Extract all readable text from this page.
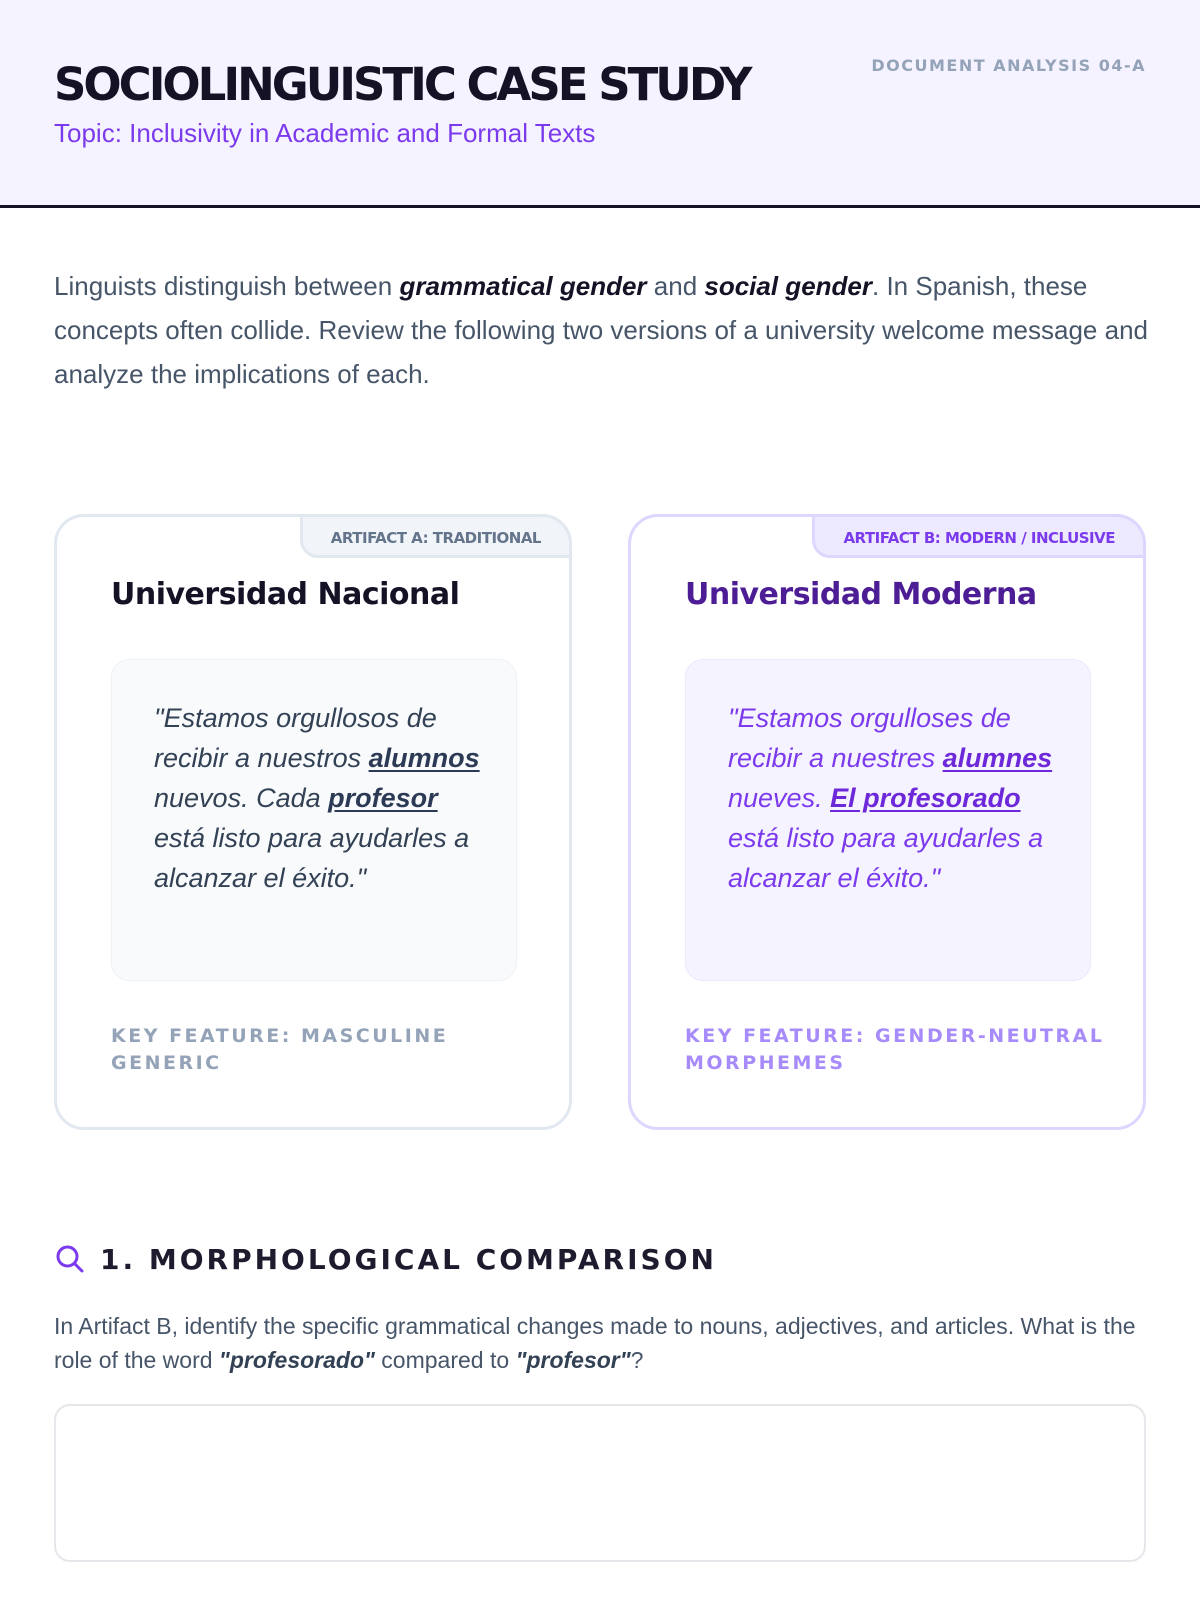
SOCIOLINGUISTIC CASE STUDY
Topic: Inclusivity in Academic and Formal Texts
DOCUMENT ANALYSIS 04-A

Linguists distinguish between grammatical gender and social gender. In Spanish, these concepts often collide. Review the following two versions of a university welcome message and analyze the implications of each.

ARTIFACT A: TRADITIONAL
Universidad Nacional
"Estamos orgullosos de recibir a nuestros alumnos nuevos. Cada profesor está listo para ayudarles a alcanzar el éxito."
KEY FEATURE: MASCULINE GENERIC
ARTIFACT B: MODERN / INCLUSIVE
Universidad Moderna
"Estamos orgulloses de recibir a nuestres alumnes nueves. El profesorado está listo para ayudarles a alcanzar el éxito."
KEY FEATURE: GENDER-NEUTRAL MORPHEMES
1. MORPHOLOGICAL COMPARISON

In Artifact B, identify the specific grammatical changes made to nouns, adjectives, and articles. What is the role of the word "profesorado" compared to "profesor"?
